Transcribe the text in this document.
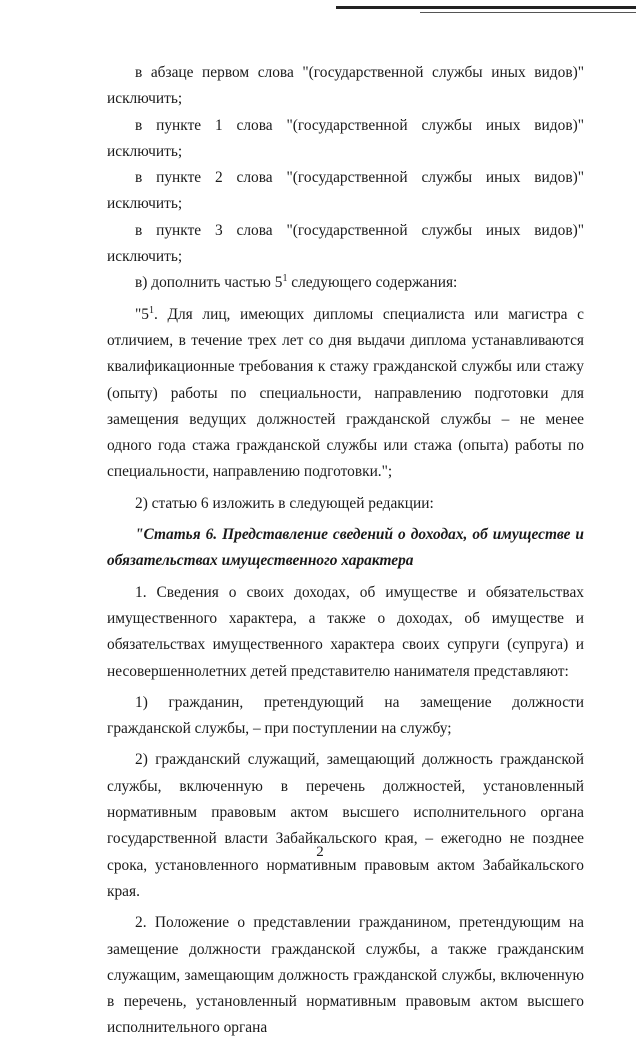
в абзаце первом слова "(государственной службы иных видов)" исключить;

в пункте 1 слова "(государственной службы иных видов)" исключить;

в пункте 2 слова "(государственной службы иных видов)" исключить;

в пункте 3 слова "(государственной службы иных видов)" исключить;

в) дополнить частью $5^1$ следующего содержания:

"$5^1$. Для лиц, имеющих дипломы специалиста или магистра с отличием, в течение трех лет со дня выдачи диплома устанавливаются квалификационные требования к стажу гражданской службы или стажу (опыту) работы по специальности, направлению подготовки для замещения ведущих должностей гражданской службы – не менее одного года стажа гражданской службы или стажа (опыта) работы по специальности, направлению подготовки.";

2) статью 6 изложить в следующей редакции:

"Статья 6. Представление сведений о доходах, об имуществе и обязательствах имущественного характера

1. Сведения о своих доходах, об имуществе и обязательствах имущественного характера, а также о доходах, об имуществе и обязательствах имущественного характера своих супруги (супруга) и несовершеннолетних детей представителю нанимателя представляют:

1) гражданин, претендующий на замещение должности гражданской службы, – при поступлении на службу;

2) гражданский служащий, замещающий должность гражданской службы, включенную в перечень должностей, установленный нормативным правовым актом высшего исполнительного органа государственной власти Забайкальского края, – ежегодно не позднее срока, установленного нормативным правовым актом Забайкальского края.

2. Положение о представлении гражданином, претендующим на замещение должности гражданской службы, а также гражданским служащим, замещающим должность гражданской службы, включенную в перечень, установленный нормативным правовым актом высшего исполнительного органа

2
